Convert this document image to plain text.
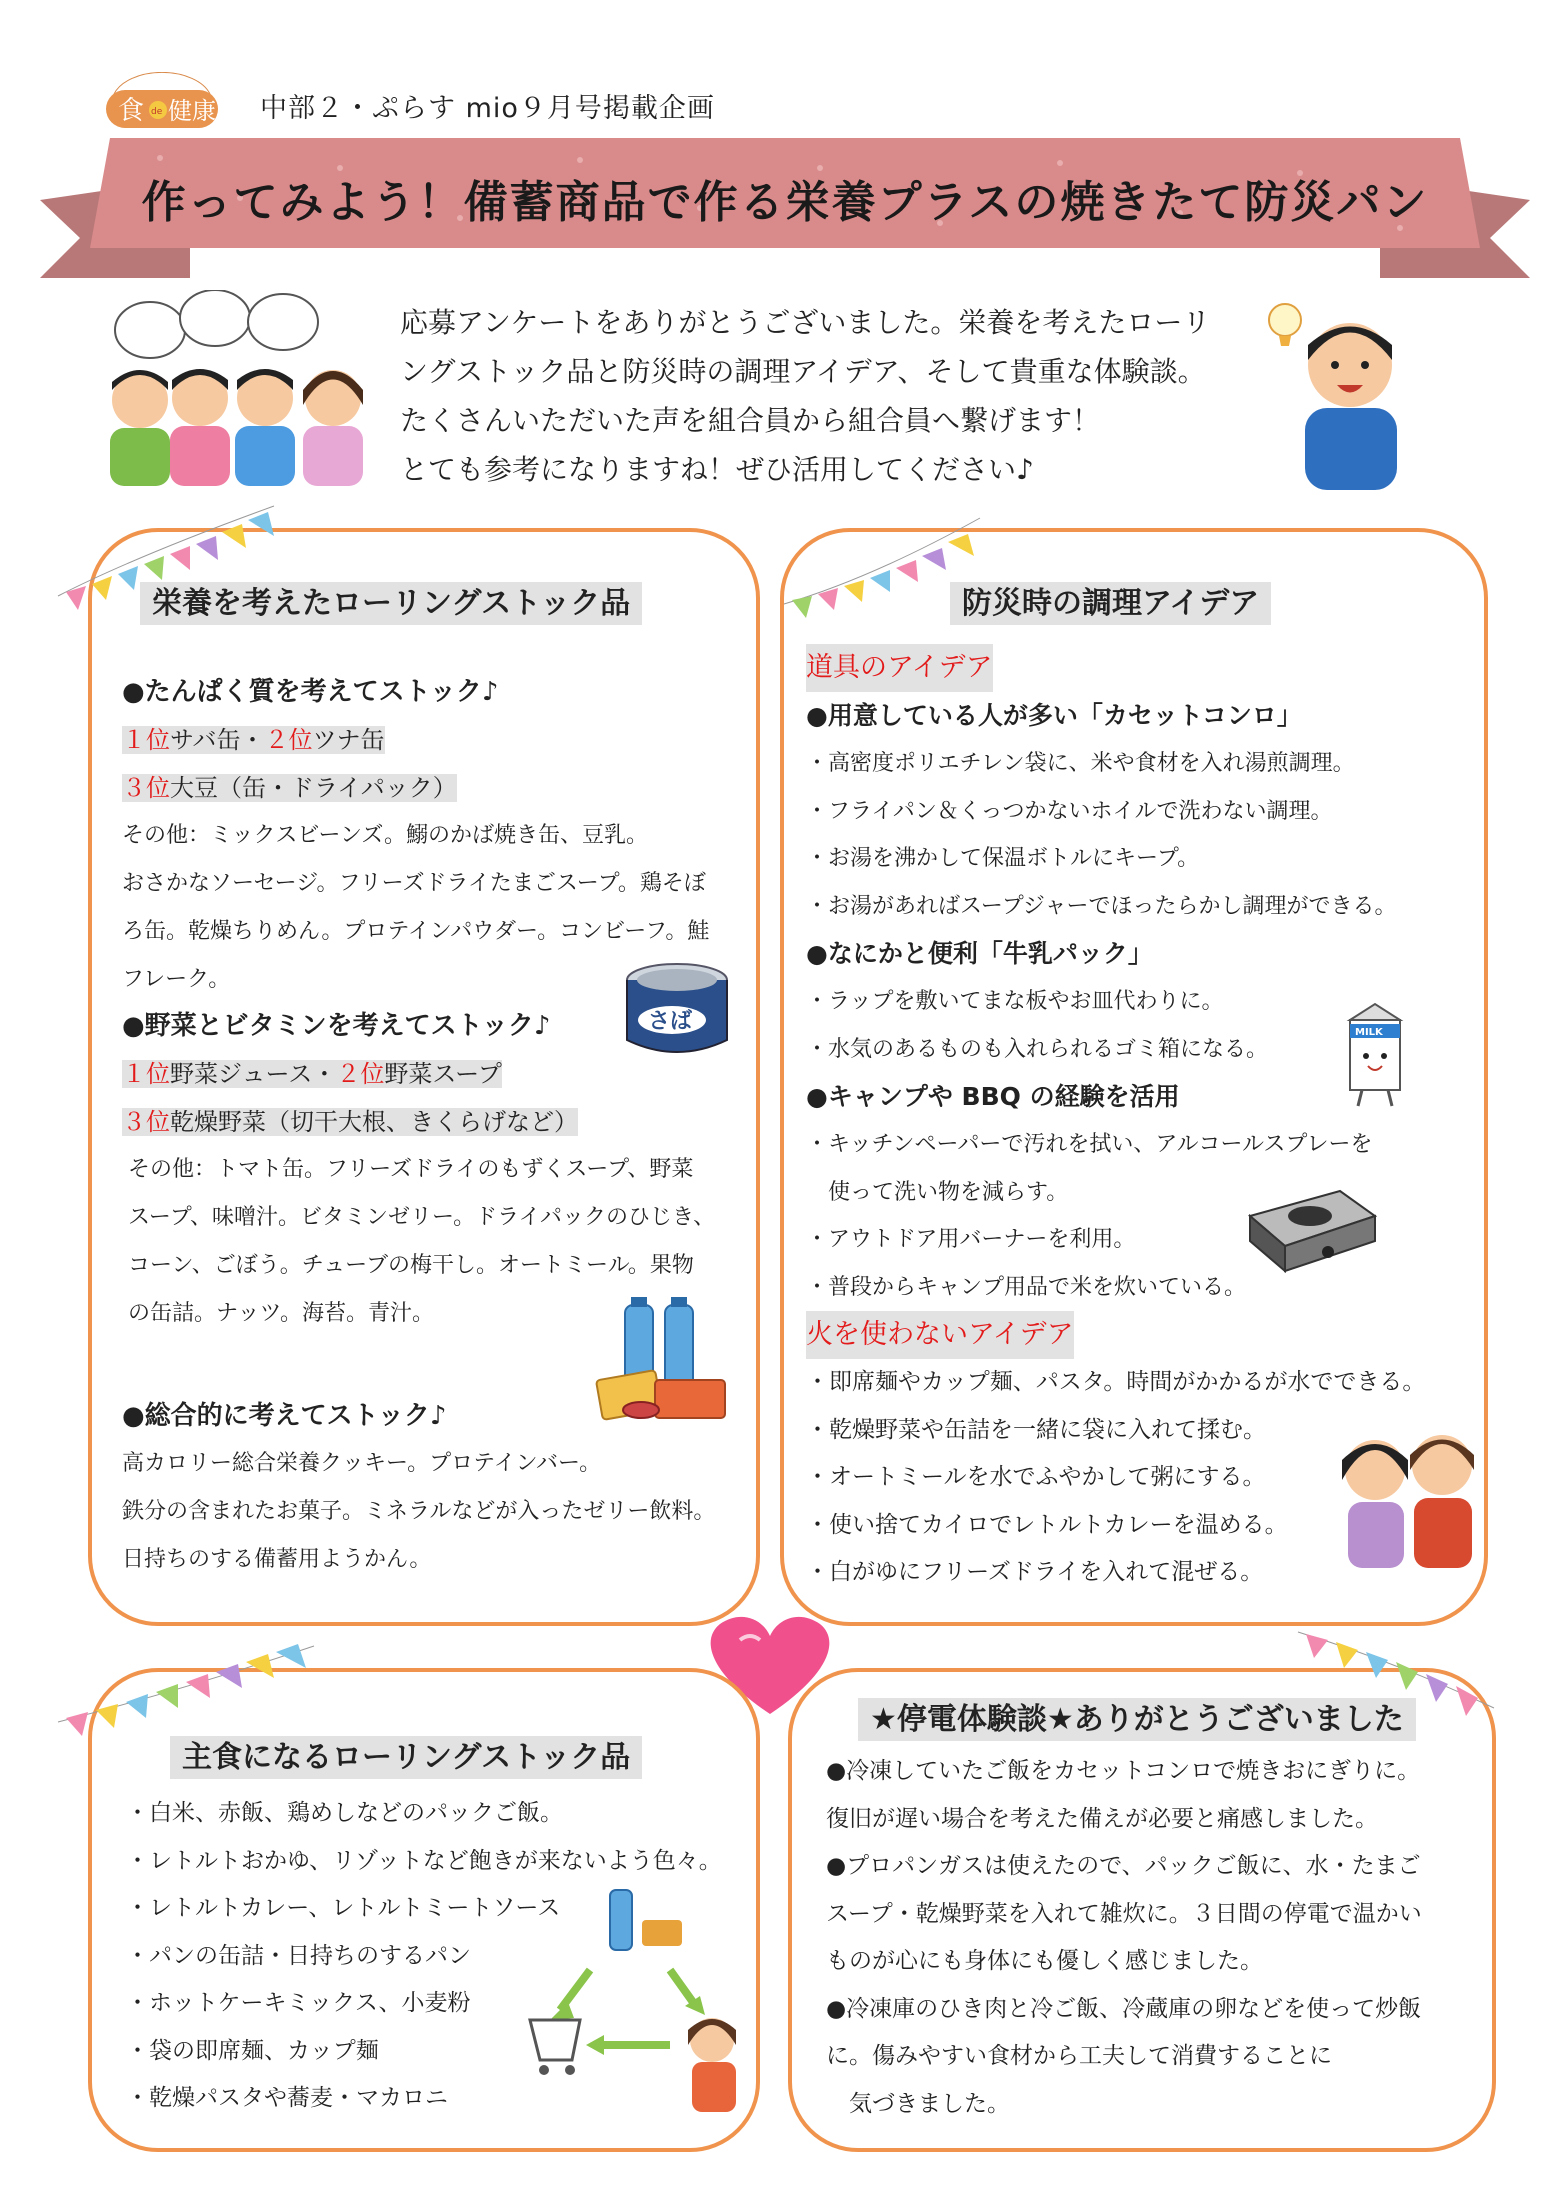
食 de 健康 中部２・ぷらす mio９月号掲載企画
作ってみよう！備蓄商品で作る栄養プラスの焼きたて防災パン

応募アンケートをありがとうございました。栄養を考えたローリ

ングストック品と防災時の調理アイデア、そして貴重な体験談。

たくさんいただいた声を組合員から組合員へ繋げます！

とても参考になりますね！ぜひ活用してください♪

栄養を考えたローリングストック品
●たんぱく質を考えてストック♪
１位サバ缶・２位ツナ缶
３位大豆（缶・ドライパック）
その他：ミックスビーンズ。鰯のかば焼き缶、豆乳。
おさかなソーセージ。フリーズドライたまごスープ。鶏そぼ
ろ缶。乾燥ちりめん。プロテインパウダー。コンビーフ。鮭
フレーク。
さば
●野菜とビタミンを考えてストック♪
１位野菜ジュース・２位野菜スープ
３位乾燥野菜（切干大根、きくらげなど）
その他：トマト缶。フリーズドライのもずくスープ、野菜
スープ、味噌汁。ビタミンゼリー。ドライパックのひじき、
コーン、ごぼう。チューブの梅干し。オートミール。果物
の缶詰。ナッツ。海苔。青汁。
●総合的に考えてストック♪
高カロリー総合栄養クッキー。プロテインバー。
鉄分の含まれたお菓子。ミネラルなどが入ったゼリー飲料。
日持ちのする備蓄用ようかん。
防災時の調理アイデア
道具のアイデア
●用意している人が多い「カセットコンロ」
・高密度ポリエチレン袋に、米や食材を入れ湯煎調理。
・フライパン＆くっつかないホイルで洗わない調理。
・お湯を沸かして保温ボトルにキープ。
・お湯があればスープジャーでほったらかし調理ができる。
●なにかと便利「牛乳パック」
・ラップを敷いてまな板やお皿代わりに。
・水気のあるものも入れられるゴミ箱になる。
●キャンプや BBQ の経験を活用
・キッチンペーパーで汚れを拭い、アルコールスプレーを
　使って洗い物を減らす。
・アウトドア用バーナーを利用。
・普段からキャンプ用品で米を炊いている。
火を使わないアイデア
・即席麺やカップ麺、パスタ。時間がかかるが水でできる。
・乾燥野菜や缶詰を一緒に袋に入れて揉む。
・オートミールを水でふやかして粥にする。
・使い捨てカイロでレトルトカレーを温める。
・白がゆにフリーズドライを入れて混ぜる。
MILK
主食になるローリングストック品
・白米、赤飯、鶏めしなどのパックご飯。
・レトルトおかゆ、リゾットなど飽きが来ないよう色々。
・レトルトカレー、レトルトミートソース
・パンの缶詰・日持ちのするパン
・ホットケーキミックス、小麦粉
・袋の即席麺、カップ麺
・乾燥パスタや蕎麦・マカロニ
★停電体験談★ありがとうございました
●冷凍していたご飯をカセットコンロで焼きおにぎりに。
復旧が遅い場合を考えた備えが必要と痛感しました。
●プロパンガスは使えたので、パックご飯に、水・たまご
スープ・乾燥野菜を入れて雑炊に。３日間の停電で温かい
ものが心にも身体にも優しく感じました。
●冷凍庫のひき肉と冷ご飯、冷蔵庫の卵などを使って炒飯
に。傷みやすい食材から工夫して消費することに
　気づきました。
